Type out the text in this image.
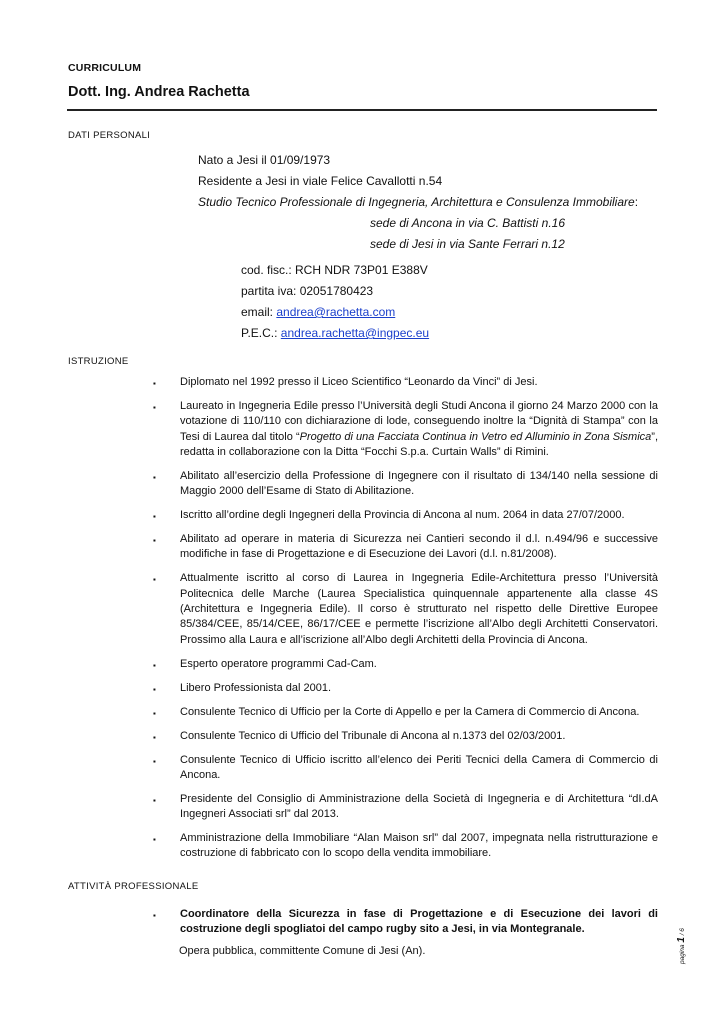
CURRICULUM
Dott. Ing. Andrea Rachetta
DATI PERSONALI
Nato a Jesi il 01/09/1973
Residente a Jesi in viale Felice Cavallotti n.54
Studio Tecnico Professionale di Ingegneria, Architettura e Consulenza Immobiliare:
sede di Ancona in via C. Battisti n.16
sede di Jesi in via Sante Ferrari n.12
cod. fisc.: RCH NDR 73P01 E388V
partita iva: 02051780423
email: andrea@rachetta.com
P.E.C.: andrea.rachetta@ingpec.eu
ISTRUZIONE
▪ Diplomato nel 1992 presso il Liceo Scientifico “Leonardo da Vinci” di Jesi.
▪ Laureato in Ingegneria Edile presso l’Università degli Studi Ancona il giorno 24 Marzo 2000 con la votazione di 110/110 con dichiarazione di lode, conseguendo inoltre la “Dignità di Stampa” con la Tesi di Laurea dal titolo “Progetto di una Facciata Continua in Vetro ed Alluminio in Zona Sismica”, redatta in collaborazione con la Ditta “Focchi S.p.a. Curtain Walls” di Rimini.
▪ Abilitato all’esercizio della Professione di Ingegnere con il risultato di 134/140 nella sessione di Maggio 2000 dell’Esame di Stato di Abilitazione.
▪ Iscritto all’ordine degli Ingegneri della Provincia di Ancona al num. 2064 in data 27/07/2000.
▪ Abilitato ad operare in materia di Sicurezza nei Cantieri secondo il d.l. n.494/96 e successive modifiche in fase di Progettazione e di Esecuzione dei Lavori (d.l. n.81/2008).
▪ Attualmente iscritto al corso di Laurea in Ingegneria Edile-Architettura presso l’Università Politecnica delle Marche (Laurea Specialistica quinquennale appartenente alla classe 4S (Architettura e Ingegneria Edile). Il corso è strutturato nel rispetto delle Direttive Europee 85/384/CEE, 85/14/CEE, 86/17/CEE e permette l’iscrizione all’Albo degli Architetti Conservatori. Prossimo alla Laura e all’iscrizione all’Albo degli Architetti della Provincia di Ancona.
▪ Esperto operatore programmi Cad-Cam.
▪ Libero Professionista dal 2001.
▪ Consulente Tecnico di Ufficio per la Corte di Appello e per la Camera di Commercio di Ancona.
▪ Consulente Tecnico di Ufficio del Tribunale di Ancona al n.1373 del 02/03/2001.
▪ Consulente Tecnico di Ufficio iscritto all’elenco dei Periti Tecnici della Camera di Commercio di Ancona.
▪ Presidente del Consiglio di Amministrazione della Società di Ingegneria e di Architettura “dI.dA Ingegneri Associati srl” dal 2013.
▪ Amministrazione della Immobiliare “Alan Maison srl” dal 2007, impegnata nella ristrutturazione e costruzione di fabbricato con lo scopo della vendita immobiliare.
ATTIVITÀ PROFESSIONALE
▪ Coordinatore della Sicurezza in fase di Progettazione e di Esecuzione dei lavori di costruzione degli spogliatoi del campo rugby sito a Jesi, in via Montegranale.
Opera pubblica, committente Comune di Jesi (An).	pagina 1 / 6
